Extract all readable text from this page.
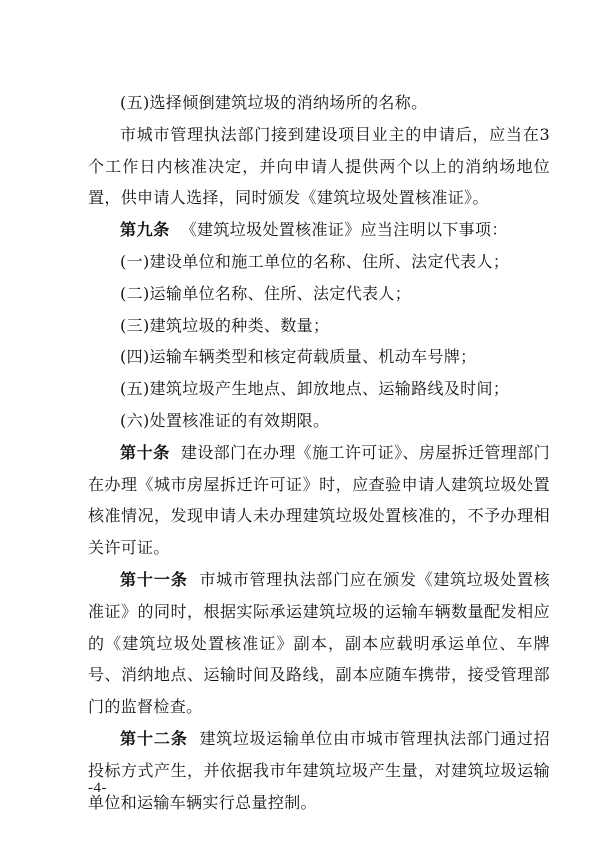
(五)选择倾倒建筑垃圾的消纳场所的名称。

市城市管理执法部门接到建设项目业主的申请后，应当在3个工作日内核准决定，并向申请人提供两个以上的消纳场地位置，供申请人选择，同时颁发《建筑垃圾处置核准证》。

第九条 《建筑垃圾处置核准证》应当注明以下事项：

(一)建设单位和施工单位的名称、住所、法定代表人；

(二)运输单位名称、住所、法定代表人；

(三)建筑垃圾的种类、数量；

(四)运输车辆类型和核定荷载质量、机动车号牌；

(五)建筑垃圾产生地点、卸放地点、运输路线及时间；

(六)处置核准证的有效期限。

第十条 建设部门在办理《施工许可证》、房屋拆迁管理部门在办理《城市房屋拆迁许可证》时，应查验申请人建筑垃圾处置核准情况，发现申请人未办理建筑垃圾处置核准的，不予办理相关许可证。

第十一条 市城市管理执法部门应在颁发《建筑垃圾处置核准证》的同时，根据实际承运建筑垃圾的运输车辆数量配发相应的《建筑垃圾处置核准证》副本，副本应载明承运单位、车牌号、消纳地点、运输时间及路线，副本应随车携带，接受管理部门的监督检查。

第十二条 建筑垃圾运输单位由市城市管理执法部门通过招投标方式产生，并依据我市年建筑垃圾产生量，对建筑垃圾运输单位和运输车辆实行总量控制。

-4-
